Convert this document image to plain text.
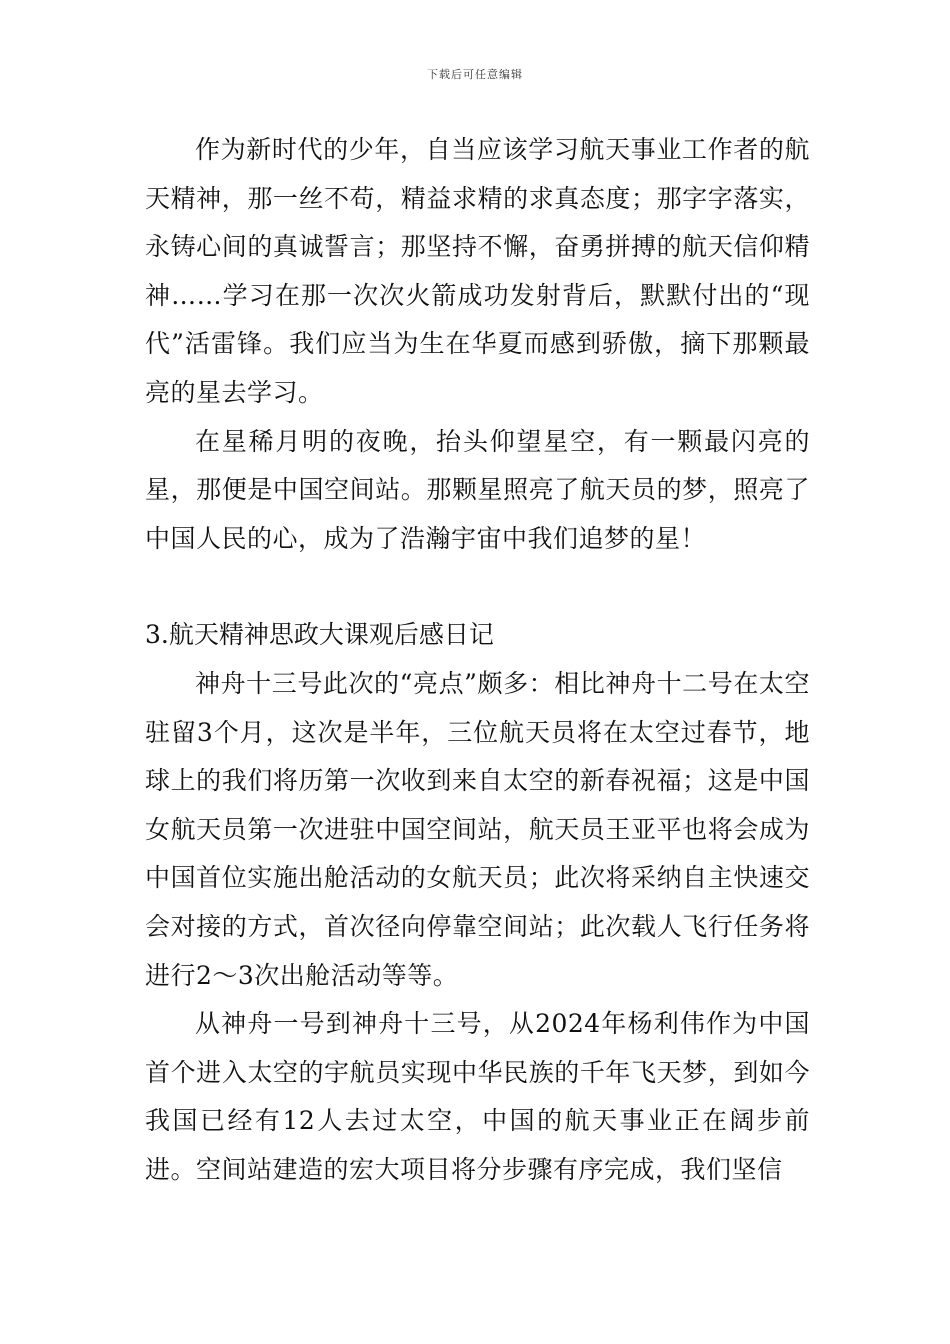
下载后可任意编辑

作为新时代的少年，自当应该学习航天事业工作者的航天精神，那一丝不苟，精益求精的求真态度；那字字落实，永铸心间的真诚誓言；那坚持不懈，奋勇拼搏的航天信仰精神……学习在那一次次火箭成功发射背后，默默付出的“现代”活雷锋。我们应当为生在华夏而感到骄傲，摘下那颗最亮的星去学习。

在星稀月明的夜晚，抬头仰望星空，有一颗最闪亮的星，那便是中国空间站。那颗星照亮了航天员的梦，照亮了中国人民的心，成为了浩瀚宇宙中我们追梦的星！

3.航天精神思政大课观后感日记

神舟十三号此次的“亮点”颇多：相比神舟十二号在太空驻留3个月，这次是半年，三位航天员将在太空过春节，地球上的我们将历第一次收到来自太空的新春祝福；这是中国女航天员第一次进驻中国空间站，航天员王亚平也将会成为中国首位实施出舱活动的女航天员；此次将采纳自主快速交会对接的方式，首次径向停靠空间站；此次载人飞行任务将进行2～3次出舱活动等等。

从神舟一号到神舟十三号，从2024年杨利伟作为中国首个进入太空的宇航员实现中华民族的千年飞天梦，到如今我国已经有12人去过太空，中国的航天事业正在阔步前进。空间站建造的宏大项目将分步骤有序完成，我们坚信
